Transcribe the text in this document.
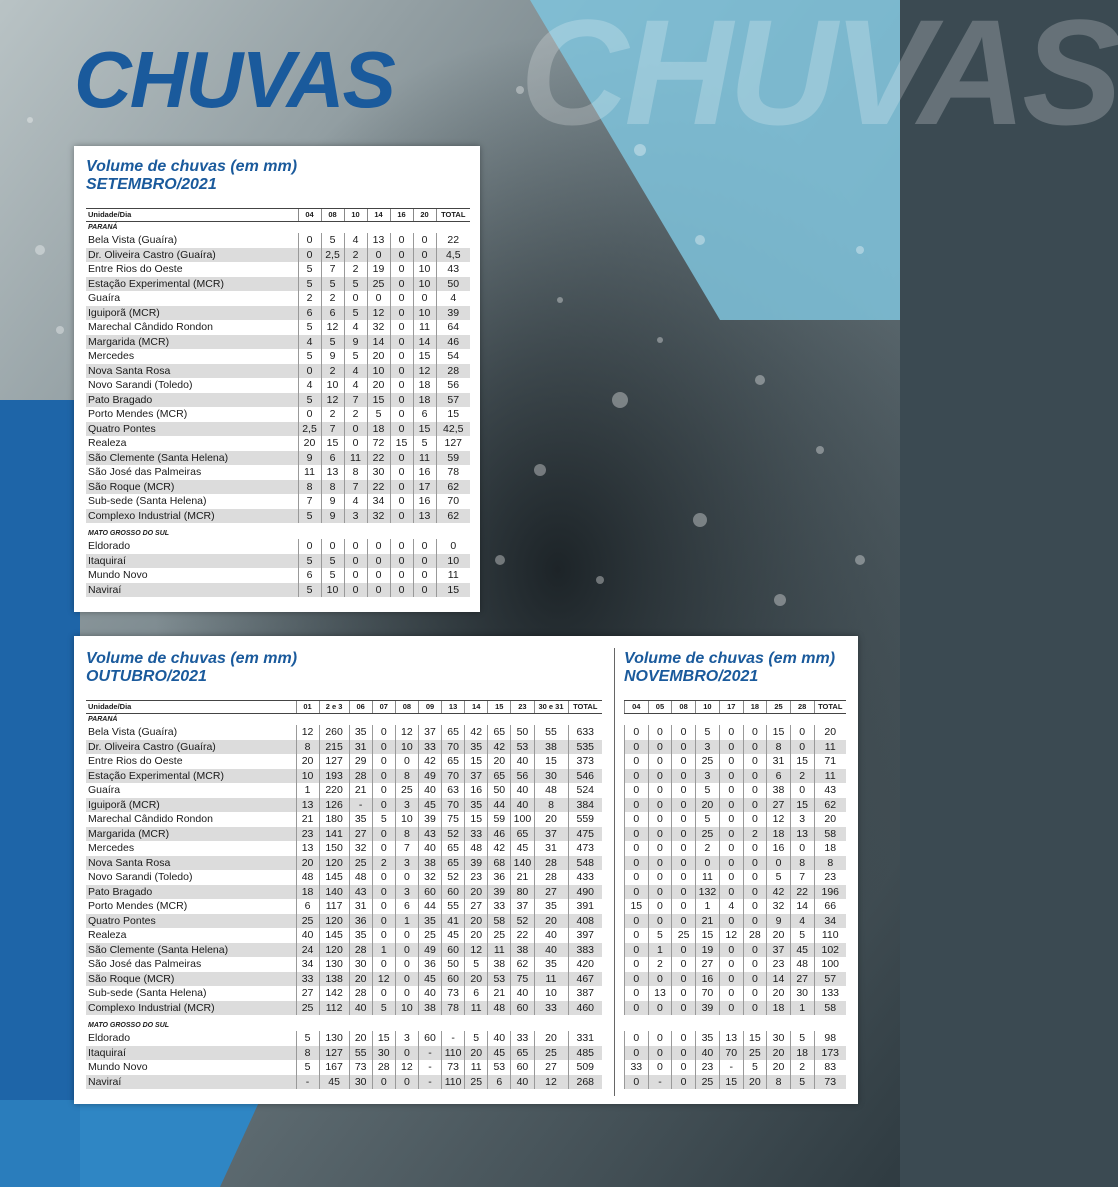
CHUVAS
CHUVAS

Volume de chuvas (em mm)

SETEMBRO/2021

Unidade/Dia	04	08	10	14	16	20	TOTAL
PARANÁ							
Bela Vista (Guaíra)	0	5	4	13	0	0	22
Dr. Oliveira Castro (Guaíra)	0	2,5	2	0	0	0	4,5
Entre Rios do Oeste	5	7	2	19	0	10	43
Estação Experimental (MCR)	5	5	5	25	0	10	50
Guaíra	2	2	0	0	0	0	4
Iguiporã (MCR)	6	6	5	12	0	10	39
Marechal Cândido Rondon	5	12	4	32	0	11	64
Margarida (MCR)	4	5	9	14	0	14	46
Mercedes	5	9	5	20	0	15	54
Nova Santa Rosa	0	2	4	10	0	12	28
Novo Sarandi (Toledo)	4	10	4	20	0	18	56
Pato Bragado	5	12	7	15	0	18	57
Porto Mendes (MCR)	0	2	2	5	0	6	15
Quatro Pontes	2,5	7	0	18	0	15	42,5
Realeza	20	15	0	72	15	5	127
São Clemente (Santa Helena)	9	6	11	22	0	11	59
São José das Palmeiras	11	13	8	30	0	16	78
São Roque (MCR)	8	8	7	22	0	17	62
Sub-sede (Santa Helena)	7	9	4	34	0	16	70
Complexo Industrial (MCR)	5	9	3	32	0	13	62

MATO GROSSO DO SUL							
Eldorado	0	0	0	0	0	0	0
Itaquiraí	5	5	0	0	0	0	10
Mundo Novo	6	5	0	0	0	0	11
Naviraí	5	10	0	0	0	0	15

Volume de chuvas (em mm)

OUTUBRO/2021

Volume de chuvas (em mm)

NOVEMBRO/2021

Unidade/Dia	01	2 e 3	06	07	08	09	13	14	15	23	30 e 31	TOTAL
PARANÁ												
Bela Vista (Guaíra)	12	260	35	0	12	37	65	42	65	50	55	633
Dr. Oliveira Castro (Guaíra)	8	215	31	0	10	33	70	35	42	53	38	535
Entre Rios do Oeste	20	127	29	0	0	42	65	15	20	40	15	373
Estação Experimental (MCR)	10	193	28	0	8	49	70	37	65	56	30	546
Guaíra	1	220	21	0	25	40	63	16	50	40	48	524
Iguiporã (MCR)	13	126	-	0	3	45	70	35	44	40	8	384
Marechal Cândido Rondon	21	180	35	5	10	39	75	15	59	100	20	559
Margarida (MCR)	23	141	27	0	8	43	52	33	46	65	37	475
Mercedes	13	150	32	0	7	40	65	48	42	45	31	473
Nova Santa Rosa	20	120	25	2	3	38	65	39	68	140	28	548
Novo Sarandi (Toledo)	48	145	48	0	0	32	52	23	36	21	28	433
Pato Bragado	18	140	43	0	3	60	60	20	39	80	27	490
Porto Mendes (MCR)	6	117	31	0	6	44	55	27	33	37	35	391
Quatro Pontes	25	120	36	0	1	35	41	20	58	52	20	408
Realeza	40	145	35	0	0	25	45	20	25	22	40	397
São Clemente (Santa Helena)	24	120	28	1	0	49	60	12	11	38	40	383
São José das Palmeiras	34	130	30	0	0	36	50	5	38	62	35	420
São Roque (MCR)	33	138	20	12	0	45	60	20	53	75	11	467
Sub-sede (Santa Helena)	27	142	28	0	0	40	73	6	21	40	10	387
Complexo Industrial (MCR)	25	112	40	5	10	38	78	11	48	60	33	460

MATO GROSSO DO SUL												
Eldorado	5	130	20	15	3	60	-	5	40	33	20	331
Itaquiraí	8	127	55	30	0	-	110	20	45	65	25	485
Mundo Novo	5	167	73	28	12	-	73	11	53	60	27	509
Naviraí	-	45	30	0	0	-	110	25	6	40	12	268
04	05	08	10	17	18	25	28	TOTAL

0	0	0	5	0	0	15	0	20
0	0	0	3	0	0	8	0	11
0	0	0	25	0	0	31	15	71
0	0	0	3	0	0	6	2	11
0	0	0	5	0	0	38	0	43
0	0	0	20	0	0	27	15	62
0	0	0	5	0	0	12	3	20
0	0	0	25	0	2	18	13	58
0	0	0	2	0	0	16	0	18
0	0	0	0	0	0	0	8	8
0	0	0	11	0	0	5	7	23
0	0	0	132	0	0	42	22	196
15	0	0	1	4	0	32	14	66
0	0	0	21	0	0	9	4	34
0	5	25	15	12	28	20	5	110
0	1	0	19	0	0	37	45	102
0	2	0	27	0	0	23	48	100
0	0	0	16	0	0	14	27	57
0	13	0	70	0	0	20	30	133
0	0	0	39	0	0	18	1	58

0	0	0	35	13	15	30	5	98
0	0	0	40	70	25	20	18	173
33	0	0	23	-	5	20	2	83
0	-	0	25	15	20	8	5	73
